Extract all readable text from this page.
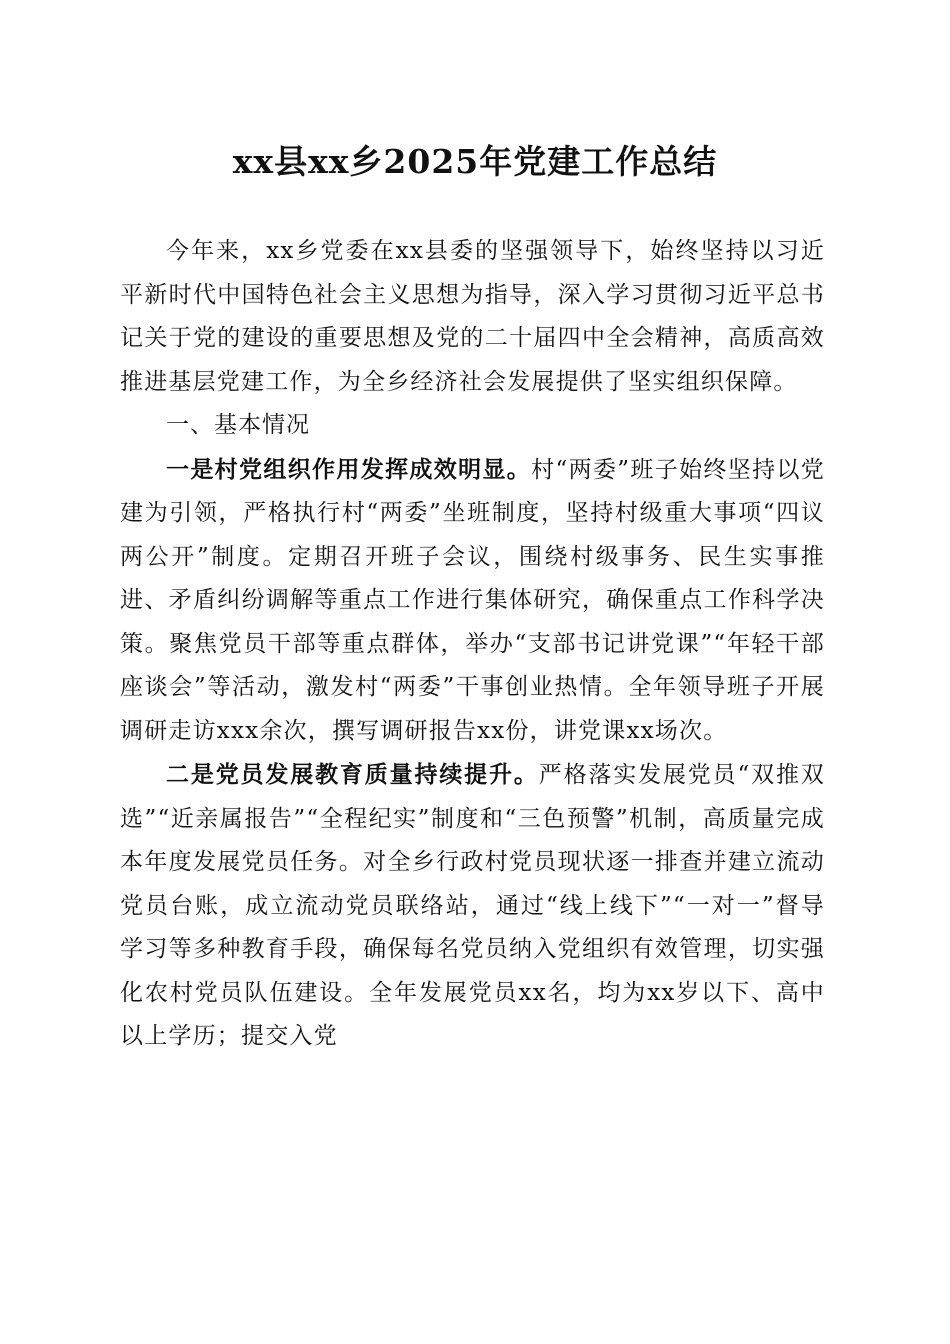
xx县xx乡2025年党建工作总结

今年来，xx乡党委在xx县委的坚强领导下，始终坚持以习近平新时代中国特色社会主义思想为指导，深入学习贯彻习近平总书记关于党的建设的重要思想及党的二十届四中全会精神，高质高效推进基层党建工作，为全乡经济社会发展提供了坚实组织保障。

一、基本情况

一是村党组织作用发挥成效明显。村“两委”班子始终坚持以党建为引领，严格执行村“两委”坐班制度，坚持村级重大事项“四议两公开”制度。定期召开班子会议，围绕村级事务、民生实事推进、矛盾纠纷调解等重点工作进行集体研究，确保重点工作科学决策。聚焦党员干部等重点群体，举办“支部书记讲党课”“年轻干部座谈会”等活动，激发村“两委”干事创业热情。全年领导班子开展调研走访xxx余次，撰写调研报告xx份，讲党课xx场次。

二是党员发展教育质量持续提升。严格落实发展党员“双推双选”“近亲属报告”“全程纪实”制度和“三色预警”机制，高质量完成本年度发展党员任务。对全乡行政村党员现状逐一排查并建立流动党员台账，成立流动党员联络站，通过“线上线下”“一对一”督导学习等多种教育手段，确保每名党员纳入党组织有效管理，切实强化农村党员队伍建设。全年发展党员xx名，均为xx岁以下、高中以上学历；提交入党
